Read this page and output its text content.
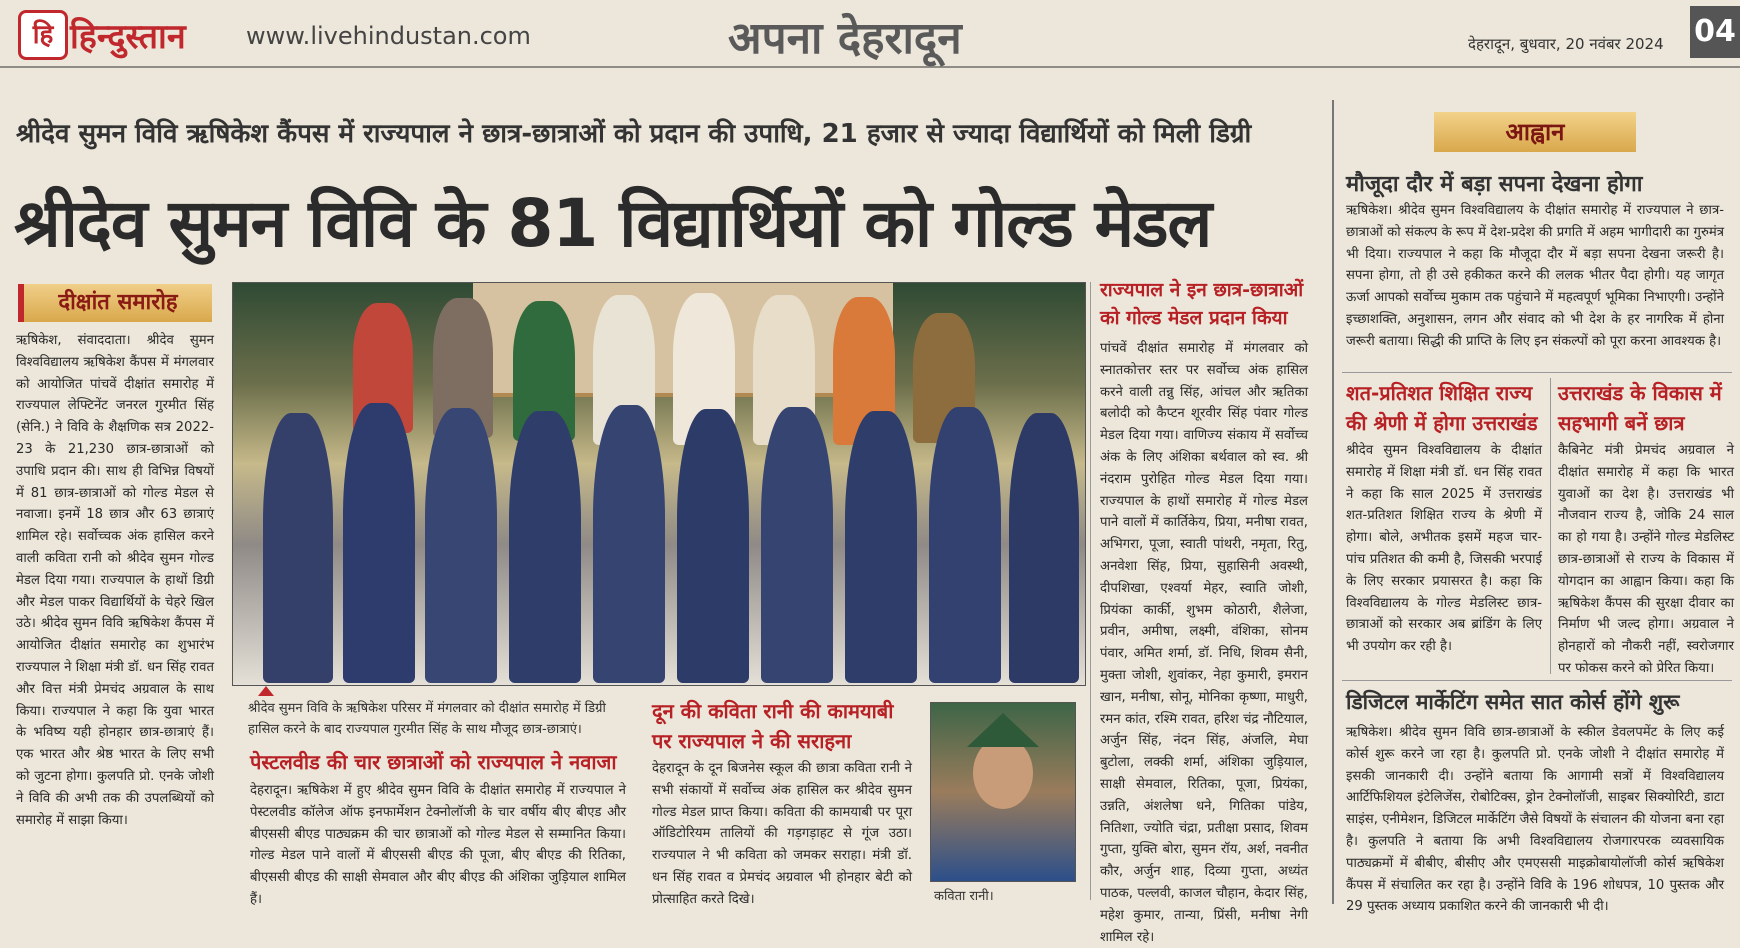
हि हिन्दुस्तान	www.livehindustan.com	अपना देहरादून	देहरादून, बुधवार, 20 नवंबर 2024 04
श्रीदेव सुमन विवि ऋषिकेश कैंपस में राज्यपाल ने छात्र-छात्राओं को प्रदान की उपाधि, 21 हजार से ज्यादा विद्यार्थियों को मिली डिग्री
श्रीदेव सुमन विवि के 81 विद्यार्थियों को गोल्ड मेडल
दीक्षांत समारोह
ऋषिकेश, संवाददाता। श्रीदेव सुमन विश्वविद्यालय ऋषिकेश कैंपस में मंगलवार को आयोजित पांचवें दीक्षांत समारोह में राज्यपाल लेफ्टिनेंट जनरल गुरमीत सिंह (सेनि.) ने विवि के शैक्षणिक सत्र 2022-23 के 21,230 छात्र-छात्राओं को उपाधि प्रदान की। साथ ही विभिन्न विषयों में 81 छात्र-छात्राओं को गोल्ड मेडल से नवाजा। इनमें 18 छात्र और 63 छात्राएं शामिल रहे। सर्वोच्चक अंक हासिल करने वाली कविता रानी को श्रीदेव सुमन गोल्ड मेडल दिया गया। राज्यपाल के हाथों डिग्री और मेडल पाकर विद्यार्थियों के चेहरे खिल उठे। श्रीदेव सुमन विवि ऋषिकेश कैंपस में आयोजित दीक्षांत समारोह का शुभारंभ राज्यपाल ने शिक्षा मंत्री डॉ. धन सिंह रावत और वित्त मंत्री प्रेमचंद अग्रवाल के साथ किया। राज्यपाल ने कहा कि युवा भारत के भविष्य यही होनहार छात्र-छात्राएं हैं। एक भारत और श्रेष्ठ भारत के लिए सभी को जुटना होगा। कुलपति प्रो. एनके जोशी ने विवि की अभी तक की उपलब्धियों को समारोह में साझा किया।
श्रीदेव सुमन विवि के ऋषिकेश परिसर में मंगलवार को दीक्षांत समारोह में डिग्री हासिल करने के बाद राज्यपाल गुरमीत सिंह के साथ मौजूद छात्र-छात्राएं।
पेस्टलवीड की चार छात्राओं को राज्यपाल ने नवाजा
देहरादून। ऋषिकेश में हुए श्रीदेव सुमन विवि के दीक्षांत समारोह में राज्यपाल ने पेस्टलवीड कॉलेज ऑफ इनफार्मेशन टेक्नोलॉजी के चार वर्षीय बीए बीएड और बीएससी बीएड पाठ्यक्रम की चार छात्राओं को गोल्ड मेडल से सम्मानित किया। गोल्ड मेडल पाने वालों में बीएससी बीएड की पूजा, बीए बीएड की रितिका, बीएससी बीएड की साक्षी सेमवाल और बीए बीएड की अंशिका जुड़ियाल शामिल हैं।
दून की कविता रानी की कामयाबी पर राज्यपाल ने की सराहना
देहरादून के दून बिजनेस स्कूल की छात्रा कविता रानी ने सभी संकायों में सर्वोच्च अंक हासिल कर श्रीदेव सुमन गोल्ड मेडल प्राप्त किया। कविता की कामयाबी पर पूरा ऑडिटोरियम तालियों की गड़गड़ाहट से गूंज उठा। राज्यपाल ने भी कविता को जमकर सराहा। मंत्री डॉ. धन सिंह रावत व प्रेमचंद अग्रवाल भी होनहार बेटी को प्रोत्साहित करते दिखे।	कविता रानी।
राज्यपाल ने इन छात्र-छात्राओं को गोल्ड मेडल प्रदान किया
पांचवें दीक्षांत समारोह में मंगलवार को स्नातकोत्तर स्तर पर सर्वोच्च अंक हासिल करने वाली तन्नु सिंह, आंचल और ऋतिका बलोदी को कैप्टन शूरवीर सिंह पंवार गोल्ड मेडल दिया गया। वाणिज्य संकाय में सर्वोच्च अंक के लिए अंशिका बर्थवाल को स्व. श्री नंदराम पुरोहित गोल्ड मेडल दिया गया। राज्यपाल के हाथों समारोह में गोल्ड मेडल पाने वालों में कार्तिकेय, प्रिया, मनीषा रावत, अभिगरा, पूजा, स्वाती पांथरी, नमृता, रितु, अनवेशा सिंह, प्रिया, सुहासिनी अवस्थी, दीपशिखा, एश्वर्या मेहर, स्वाति जोशी, प्रियंका कार्की, शुभम कोठारी, शैलेजा, प्रवीन, अमीषा, लक्ष्मी, वंशिका, सोनम पंवार, अमित शर्मा, डॉ. निधि, शिवम सैनी, मुक्ता जोशी, शुवांकर, नेहा कुमारी, इमरान खान, मनीषा, सोनू, मोनिका कृष्णा, माधुरी, रमन कांत, रश्मि रावत, हरिश चंद्र नौटियाल, अर्जुन सिंह, नंदन सिंह, अंजलि, मेघा बुटोला, लक्की शर्मा, अंशिका जुड़ियाल, साक्षी सेमवाल, रितिका, पूजा, प्रियंका, उन्नति, अंशलेषा धने, गितिका पांडेय, नितिशा, ज्योति चंद्रा, प्रतीक्षा प्रसाद, शिवम गुप्ता, युक्ति बोरा, सुमन रॉय, अर्श, नवनीत कौर, अर्जुन शाह, दिव्या गुप्ता, अध्यंत पाठक, पल्लवी, काजल चौहान, केदार सिंह, महेश कुमार, तान्या, प्रिंसी, मनीषा नेगी शामिल रहे।
आह्वान
मौजूदा दौर में बड़ा सपना देखना होगा
ऋषिकेश। श्रीदेव सुमन विश्वविद्यालय के दीक्षांत समारोह में राज्यपाल ने छात्र-छात्राओं को संकल्प के रूप में देश-प्रदेश की प्रगति में अहम भागीदारी का गुरुमंत्र भी दिया। राज्यपाल ने कहा कि मौजूदा दौर में बड़ा सपना देखना जरूरी है। सपना होगा, तो ही उसे हकीकत करने की ललक भीतर पैदा होगी। यह जागृत ऊर्जा आपको सर्वोच्च मुकाम तक पहुंचाने में महत्वपूर्ण भूमिका निभाएगी। उन्होंने इच्छाशक्ति, अनुशासन, लगन और संवाद को भी देश के हर नागरिक में होना जरूरी बताया। सिद्धी की प्राप्ति के लिए इन संकल्पों को पूरा करना आवश्यक है।
शत-प्रतिशत शिक्षित राज्य की श्रेणी में होगा उत्तराखंड
श्रीदेव सुमन विश्वविद्यालय के दीक्षांत समारोह में शिक्षा मंत्री डॉ. धन सिंह रावत ने कहा कि साल 2025 में उत्तराखंड शत-प्रतिशत शिक्षित राज्य के श्रेणी में होगा। बोले, अभीतक इसमें महज चार-पांच प्रतिशत की कमी है, जिसकी भरपाई के लिए सरकार प्रयासरत है। कहा कि विश्वविद्यालय के गोल्ड मेडलिस्ट छात्र-छात्राओं को सरकार अब ब्रांडिंग के लिए भी उपयोग कर रही है।
उत्तराखंड के विकास में सहभागी बनें छात्र
कैबिनेट मंत्री प्रेमचंद अग्रवाल ने दीक्षांत समारोह में कहा कि भारत युवाओं का देश है। उत्तराखंड भी नौजवान राज्य है, जोकि 24 साल का हो गया है। उन्होंने गोल्ड मेडलिस्ट छात्र-छात्राओं से राज्य के विकास में योगदान का आह्वान किया। कहा कि ऋषिकेश कैंपस की सुरक्षा दीवार का निर्माण भी जल्द होगा। अग्रवाल ने होनहारों को नौकरी नहीं, स्वरोजगार पर फोकस करने को प्रेरित किया।
डिजिटल मार्केटिंग समेत सात कोर्स होंगे शुरू
ऋषिकेश। श्रीदेव सुमन विवि छात्र-छात्राओं के स्कील डेवलपमेंट के लिए कई कोर्स शुरू करने जा रहा है। कुलपति प्रो. एनके जोशी ने दीक्षांत समारोह में इसकी जानकारी दी। उन्होंने बताया कि आगामी सत्रों में विश्वविद्यालय आर्टिफिशियल इंटेलिजेंस, रोबोटिक्स, ड्रोन टेक्नोलॉजी, साइबर सिक्योरिटी, डाटा साइंस, एनीमेशन, डिजिटल मार्केटिंग जैसे विषयों के संचालन की योजना बना रहा है। कुलपति ने बताया कि अभी विश्वविद्यालय रोजगारपरक व्यवसायिक पाठ्यक्रमों में बीबीए, बीसीए और एमएससी माइक्रोबायोलॉजी कोर्स ऋषिकेश कैंपस में संचालित कर रहा है। उन्होंने विवि के 196 शोधपत्र, 10 पुस्तक और 29 पुस्तक अध्याय प्रकाशित करने की जानकारी भी दी।
